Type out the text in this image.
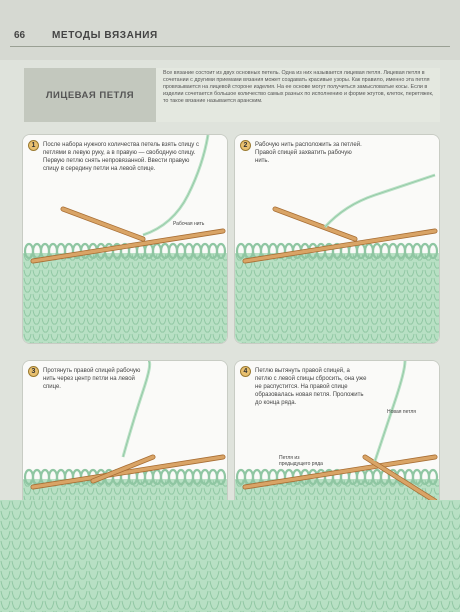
66	МЕТОДЫ ВЯЗАНИЯ
ЛИЦЕВАЯ ПЕТЛЯ
Все вязание состоит из двух основных петель. Одна из них называется лицевая петля. Лицевая петля в сочетании с другими приемами вязания может создавать красивые узоры. Как правило, именно эта петля провязывается на лицевой стороне изделия. На ее основе могут получиться замысловатые косы. Если в изделии сочетается большое количество самых разных по исполнению и форме жгутов, клеток, перетяжек, то такое вязание называется аранским.
1	После набора нужного количества петель взять спицу с петлями в левую руку, а в правую — свободную спицу. Первую петлю снять непровязанной. Ввести правую спицу в середину петли на левой спице.
Рабочая нить
2	Рабочую нить расположить за петлей. Правой спицей захватить рабочую нить.
3	Протянуть правой спицей рабочую нить через центр петли на левой спице.
4	Петлю вытянуть правой спицей, а петлю с левой спицы сбросить, она уже не распустится. На правой спице образовалась новая петля. Проложить до конца ряда.
Новая петля
Петля из предыдущего ряда
